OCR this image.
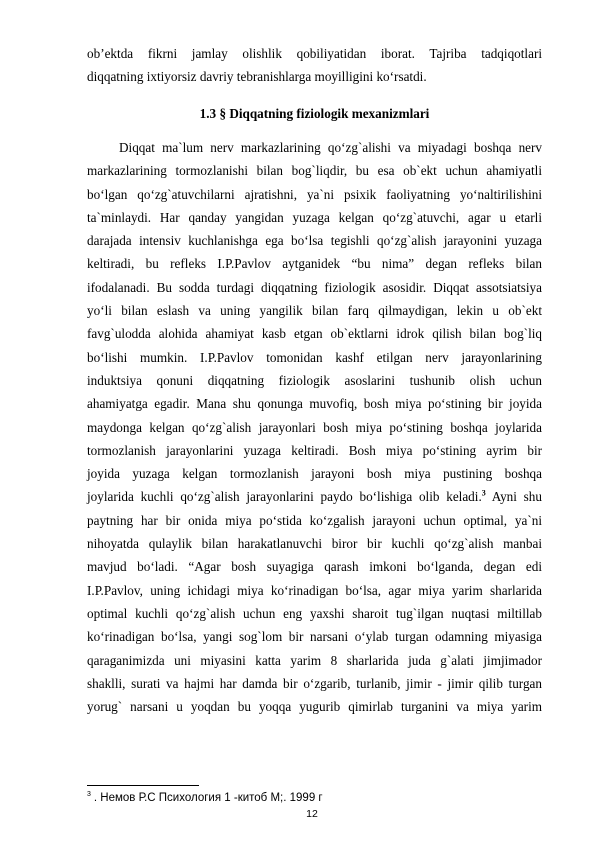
ob’ektda fikrni jamlay olishlik qobiliyatidan iborat. Tajriba tadqiqotlari
diqqatning ixtiyorsiz davriy tebranishlarga moyilligini ko‘rsatdi.
1.3 § Diqqatning fiziologik mexanizmlari
Diqqat ma`lum nerv markazlarining qo‘zg`alishi va miyadagi boshqa nerv
markazlarining tormozlanishi bilan bog`liqdir, bu esa ob`ekt uchun ahamiyatli
bo‘lgan qo‘zg`atuvchilarni ajratishni, ya`ni psixik faoliyatning yo‘naltirilishini
ta`minlaydi. Har qanday yangidan yuzaga kelgan qo‘zg`atuvchi, agar u etarli
darajada intensiv kuchlanishga ega bo‘lsa tegishli qo‘zg`alish jarayonini yuzaga
keltiradi, bu refleks I.P.Pavlov aytganidek “bu nima” degan refleks bilan
ifodalanadi. Bu sodda turdagi diqqatning fiziologik asosidir. Diqqat assotsiatsiya
yo‘li bilan eslash va uning yangilik bilan farq qilmaydigan, lekin u ob`ekt
favg`ulodda alohida ahamiyat kasb etgan ob`ektlarni idrok qilish bilan bog`liq
bo‘lishi mumkin. I.P.Pavlov tomonidan kashf etilgan nerv jarayonlarining
induktsiya qonuni diqqatning fiziologik asoslarini tushunib olish uchun
ahamiyatga egadir. Mana shu qonunga muvofiq, bosh miya po‘stining bir joyida
maydonga kelgan qo‘zg`alish jarayonlari bosh miya po‘stining boshqa joylarida
tormozlanish jarayonlarini yuzaga keltiradi. Bosh miya po‘stining ayrim bir
joyida yuzaga kelgan tormozlanish jarayoni bosh miya pustining boshqa
joylarida kuchli qo‘zg`alish jarayonlarini paydo bo‘lishiga olib keladi.$^3$ Ayni shu
paytning har bir onida miya po‘stida ko‘zgalish jarayoni uchun optimal, ya`ni
nihoyatda qulaylik bilan harakatlanuvchi biror bir kuchli qo‘zg`alish manbai
mavjud bo‘ladi. “Agar bosh suyagiga qarash imkoni bo‘lganda, degan edi
I.P.Pavlov, uning ichidagi miya ko‘rinadigan bo‘lsa, agar miya yarim sharlarida
optimal kuchli qo‘zg`alish uchun eng yaxshi sharoit tug`ilgan nuqtasi miltillab
ko‘rinadigan bo‘lsa, yangi sog`lom bir narsani o‘ylab turgan odamning miyasiga
qaraganimizda uni miyasini katta yarim 8 sharlarida juda g`alati jimjimador
shaklli, surati va hajmi har damda bir o‘zgarib, turlanib, jimir - jimir qilib turgan
yorug` narsani u yoqdan bu yoqqa yugurib qimirlab turganini va miya yarim
$^3$ . Немов Р.С Психология 1 -китоб М;. 1999 г
12
